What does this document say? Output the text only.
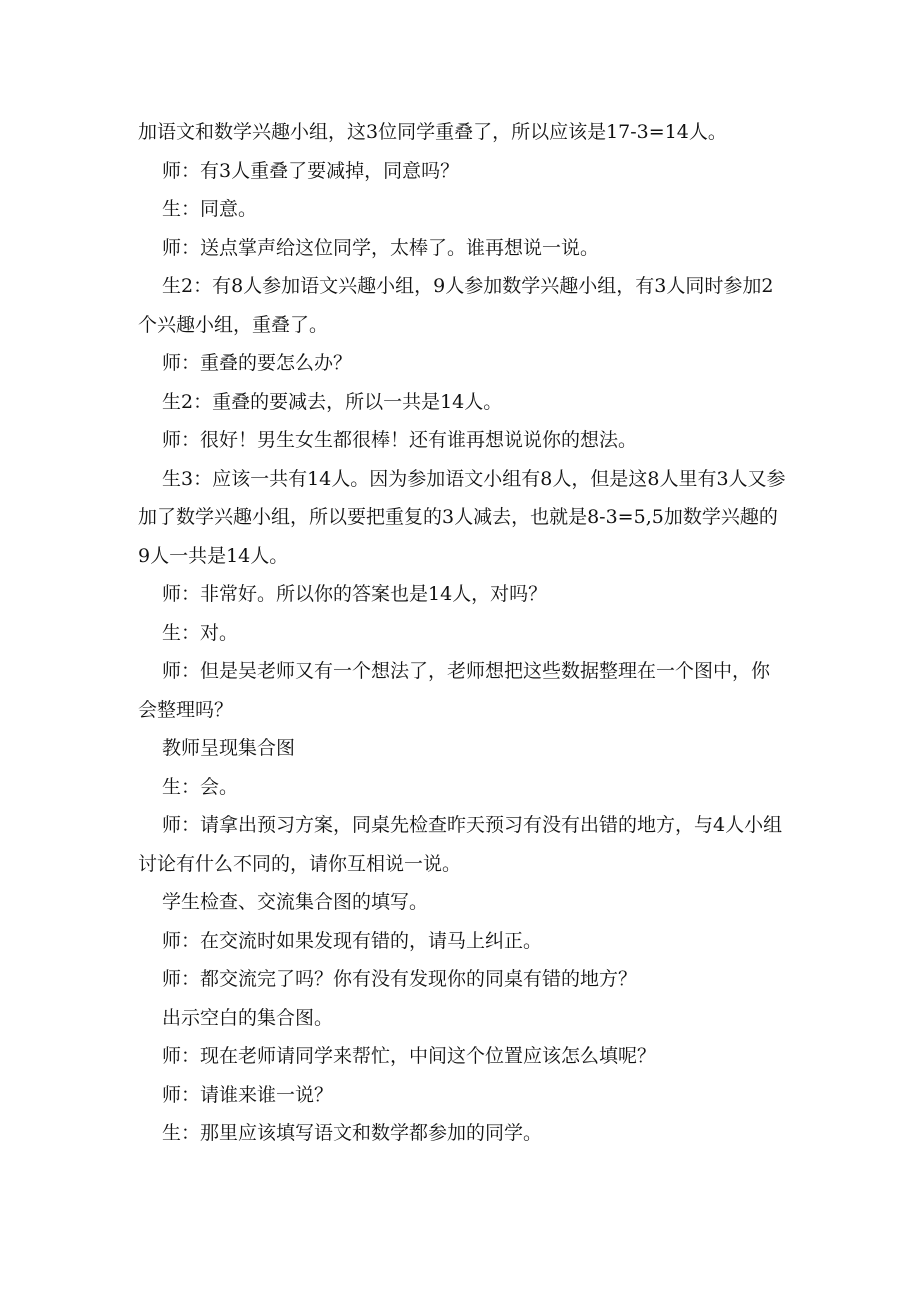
加语文和数学兴趣小组，这3位同学重叠了，所以应该是17-3=14人。

师：有3人重叠了要减掉，同意吗？

生：同意。

师：送点掌声给这位同学，太棒了。谁再想说一说。

生2：有8人参加语文兴趣小组，9人参加数学兴趣小组，有3人同时参加2个兴趣小组，重叠了。

师：重叠的要怎么办？

生2：重叠的要减去，所以一共是14人。

师：很好！男生女生都很棒！还有谁再想说说你的想法。

生3：应该一共有14人。因为参加语文小组有8人，但是这8人里有3人又参加了数学兴趣小组，所以要把重复的3人减去，也就是8-3=5,5加数学兴趣的9人一共是14人。

师：非常好。所以你的答案也是14人，对吗？

生：对。

师：但是吴老师又有一个想法了，老师想把这些数据整理在一个图中，你会整理吗？

教师呈现集合图

生：会。

师：请拿出预习方案，同桌先检查昨天预习有没有出错的地方，与4人小组讨论有什么不同的，请你互相说一说。

学生检查、交流集合图的填写。

师：在交流时如果发现有错的，请马上纠正。

师：都交流完了吗？你有没有发现你的同桌有错的地方？

出示空白的集合图。

师：现在老师请同学来帮忙，中间这个位置应该怎么填呢？

师：请谁来谁一说？

生：那里应该填写语文和数学都参加的同学。
